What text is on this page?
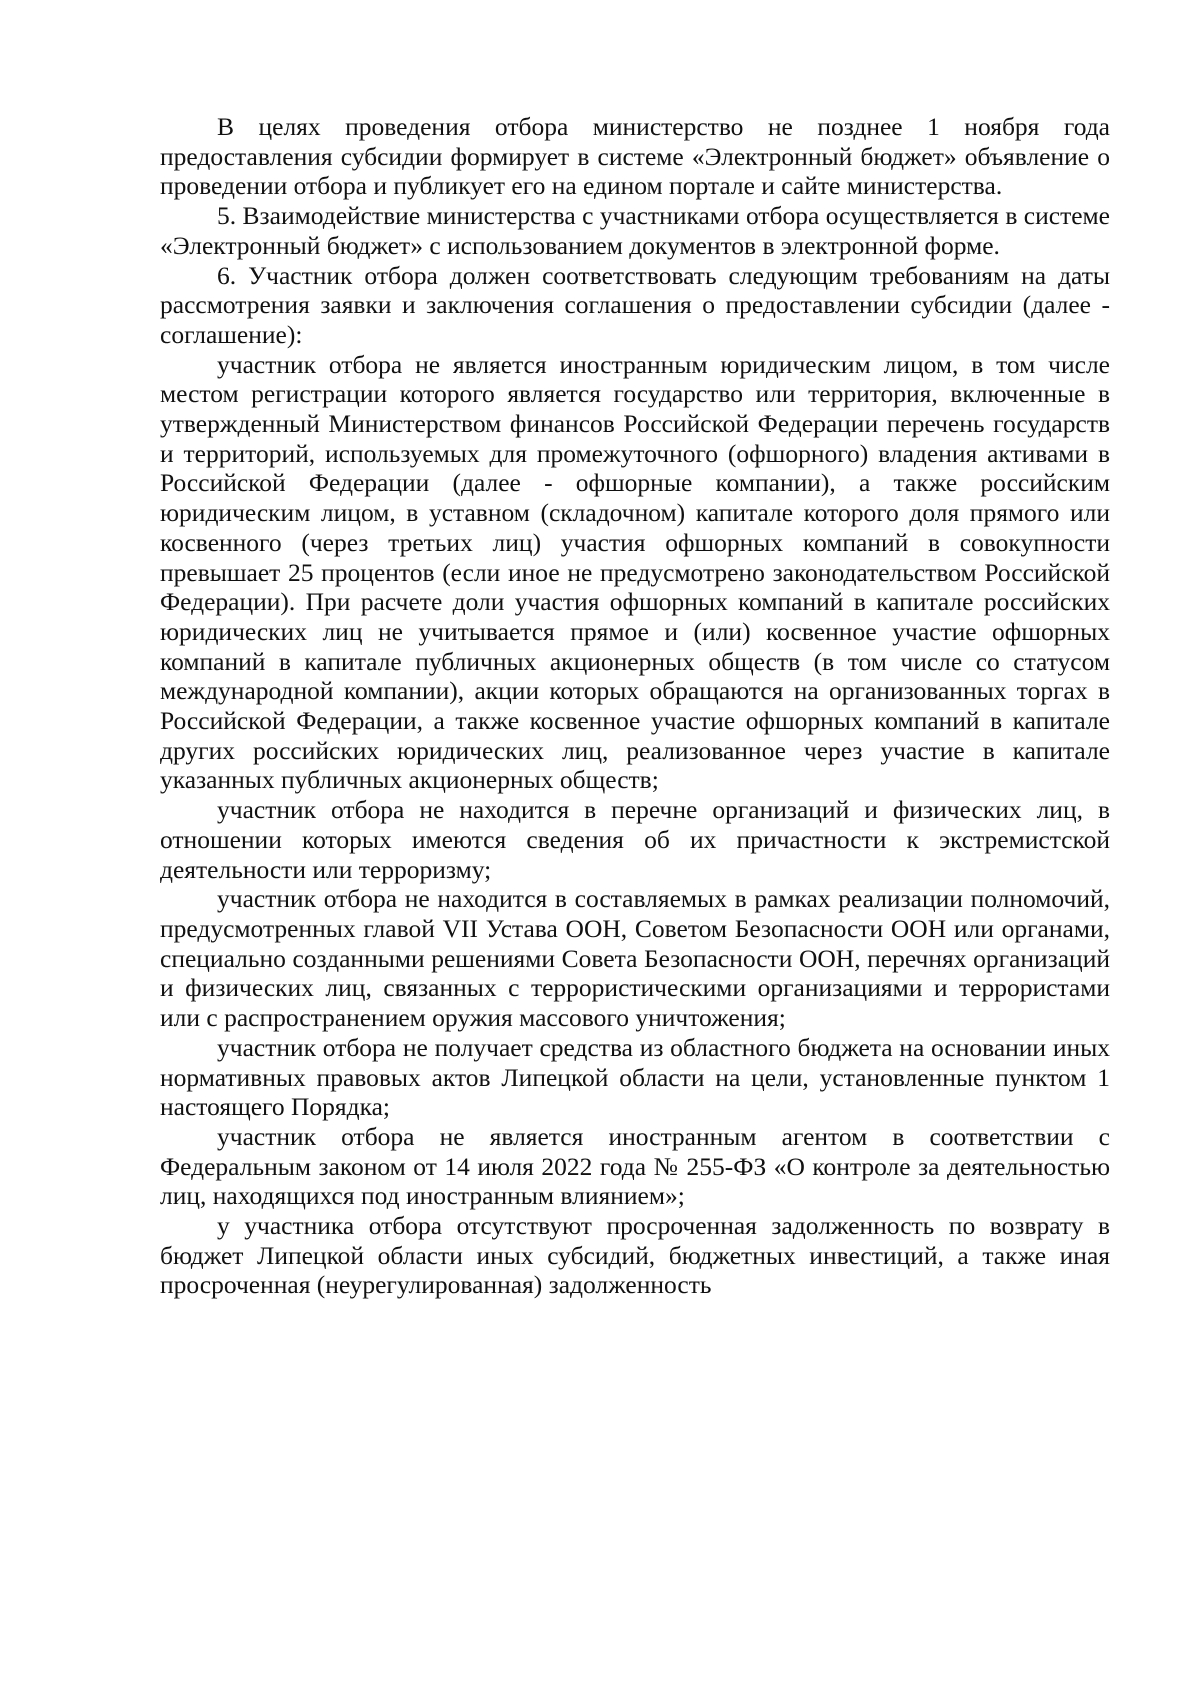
В целях проведения отбора министерство не позднее 1 ноября года предоставления субсидии формирует в системе «Электронный бюджет» объявление о проведении отбора и публикует его на едином портале и сайте министерства.

5. Взаимодействие министерства с участниками отбора осуществляется в системе «Электронный бюджет» с использованием документов в электронной форме.

6. Участник отбора должен соответствовать следующим требованиям на даты рассмотрения заявки и заключения соглашения о предоставлении субсидии (далее - соглашение):

участник отбора не является иностранным юридическим лицом, в том числе местом регистрации которого является государство или территория, включенные в утвержденный Министерством финансов Российской Федерации перечень государств и территорий, используемых для промежуточного (офшорного) владения активами в Российской Федерации (далее - офшорные компании), а также российским юридическим лицом, в уставном (складочном) капитале которого доля прямого или косвенного (через третьих лиц) участия офшорных компаний в совокупности превышает 25 процентов (если иное не предусмотрено законодательством Российской Федерации). При расчете доли участия офшорных компаний в капитале российских юридических лиц не учитывается прямое и (или) косвенное участие офшорных компаний в капитале публичных акционерных обществ (в том числе со статусом международной компании), акции которых обращаются на организованных торгах в Российской Федерации, а также косвенное участие офшорных компаний в капитале других российских юридических лиц, реализованное через участие в капитале указанных публичных акционерных обществ;

участник отбора не находится в перечне организаций и физических лиц, в отношении которых имеются сведения об их причастности к экстремистской деятельности или терроризму;

участник отбора не находится в составляемых в рамках реализации полномочий, предусмотренных главой VII Устава ООН, Советом Безопасности ООН или органами, специально созданными решениями Совета Безопасности ООН, перечнях организаций и физических лиц, связанных с террористическими организациями и террористами или с распространением оружия массового уничтожения;

участник отбора не получает средства из областного бюджета на основании иных нормативных правовых актов Липецкой области на цели, установленные пунктом 1 настоящего Порядка;

участник отбора не является иностранным агентом в соответствии с Федеральным законом от 14 июля 2022 года № 255-ФЗ «О контроле за деятельностью лиц, находящихся под иностранным влиянием»;

у участника отбора отсутствуют просроченная задолженность по возврату в бюджет Липецкой области иных субсидий, бюджетных инвестиций, а также иная просроченная (неурегулированная) задолженность
